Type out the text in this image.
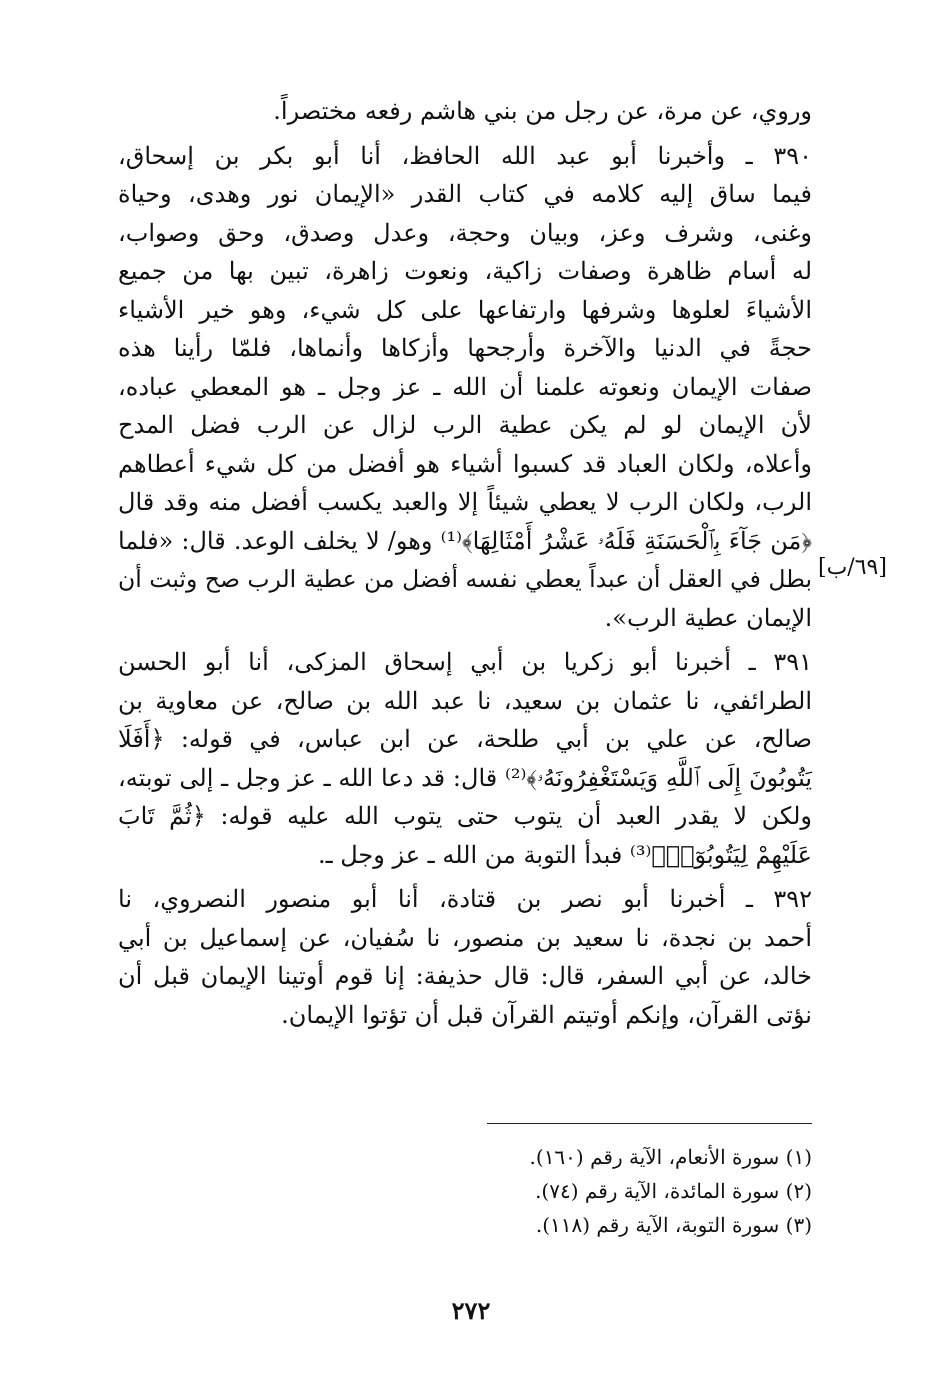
وروي، عن مرة، عن رجل من بني هاشم رفعه مختصراً.

٣٩٠ ـ وأخبرنا أبو عبد الله الحافظ، أنا أبو بكر بن إسحاق،
فيما ساق إليه كلامه في كتاب القدر «الإيمان نور وهدى، وحياة
وغنى، وشرف وعز، وبيان وحجة، وعدل وصدق، وحق وصواب،
له أسام ظاهرة وصفات زاكية، ونعوت زاهرة، تبين بها من جميع
الأشياءَ لعلوها وشرفها وارتفاعها على كل شيء، وهو خير الأشياء
حجةً في الدنيا والآخرة وأرجحها وأزكاها وأنماها، فلمّا رأينا هذه
صفات الإيمان ونعوته علمنا أن الله ـ عز وجل ـ هو المعطي عباده،
لأن الإيمان لو لم يكن عطية الرب لزال عن الرب فضل المدح
وأعلاه، ولكان العباد قد كسبوا أشياء هو أفضل من كل شيء أعطاهم
الرب، ولكان الرب لا يعطي شيئاً إلا والعبد يكسب أفضل منه وقد قال
﴿مَن جَآءَ بِٱلْحَسَنَةِ فَلَهُۥ عَشْرُ أَمْثَالِهَا﴾⁽¹⁾ وهو/ لا يخلف الوعد. قال: «فلما
بطل في العقل أن عبداً يعطي نفسه أفضل من عطية الرب صح وثبت أن
الإيمان عطية الرب».

٣٩١ ـ أخبرنا أبو زكريا بن أبي إسحاق المزكى، أنا أبو الحسن
الطرائفي، نا عثمان بن سعيد، نا عبد الله بن صالح، عن معاوية بن
صالح، عن علي بن أبي طلحة، عن ابن عباس، في قوله: ﴿أَفَلَا
يَتُوبُونَ إِلَى ٱللَّهِ وَيَسْتَغْفِرُونَهُۥ﴾⁽²⁾ قال: قد دعا الله ـ عز وجل ـ إلى توبته،
ولكن لا يقدر العبد أن يتوب حتى يتوب الله عليه قوله: ﴿ثُمَّ تَابَ
عَلَيْهِمْ لِيَتُوبُوٓا۟﴾⁽³⁾ فبدأ التوبة من الله ـ عز وجل ـ.

٣٩٢ ـ أخبرنا أبو نصر بن قتادة، أنا أبو منصور النصروي، نا
أحمد بن نجدة، نا سعيد بن منصور، نا سُفيان، عن إسماعيل بن أبي
خالد، عن أبي السفر، قال: قال حذيفة: إنا قوم أوتينا الإيمان قبل أن
نؤتى القرآن، وإنكم أوتيتم القرآن قبل أن تؤتوا الإيمان.

[٦٩/ب]
(١) سورة الأنعام، الآية رقم (١٦٠).
(٢) سورة المائدة، الآية رقم (٧٤).
(٣) سورة التوبة، الآية رقم (١١٨).
٢٧٢
